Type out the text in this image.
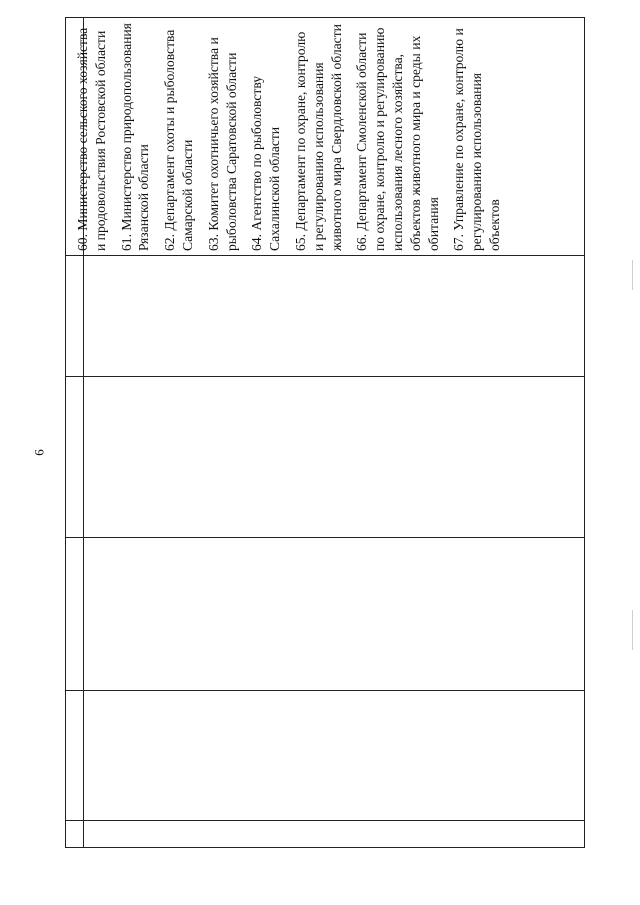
9
60. Министерство сельского хозяйства и продовольствия Ростовской области 61. Министерство природопользования Рязанской области 62. Департамент охоты и рыболовства Самарской области 63. Комитет охотничьего хозяйства и рыболовства Саратовской области 64. Агентство по рыболовству Сахалинской области 65. Департамент по охране, контролю и регулированию использования животного мира Свердловской области 66. Департамент Смоленской области по охране, контролю и регулированию использования лесного хозяйства, объектов животного мира и среды их обитания 67. Управление по охране, контролю и регулированию использования объектов
